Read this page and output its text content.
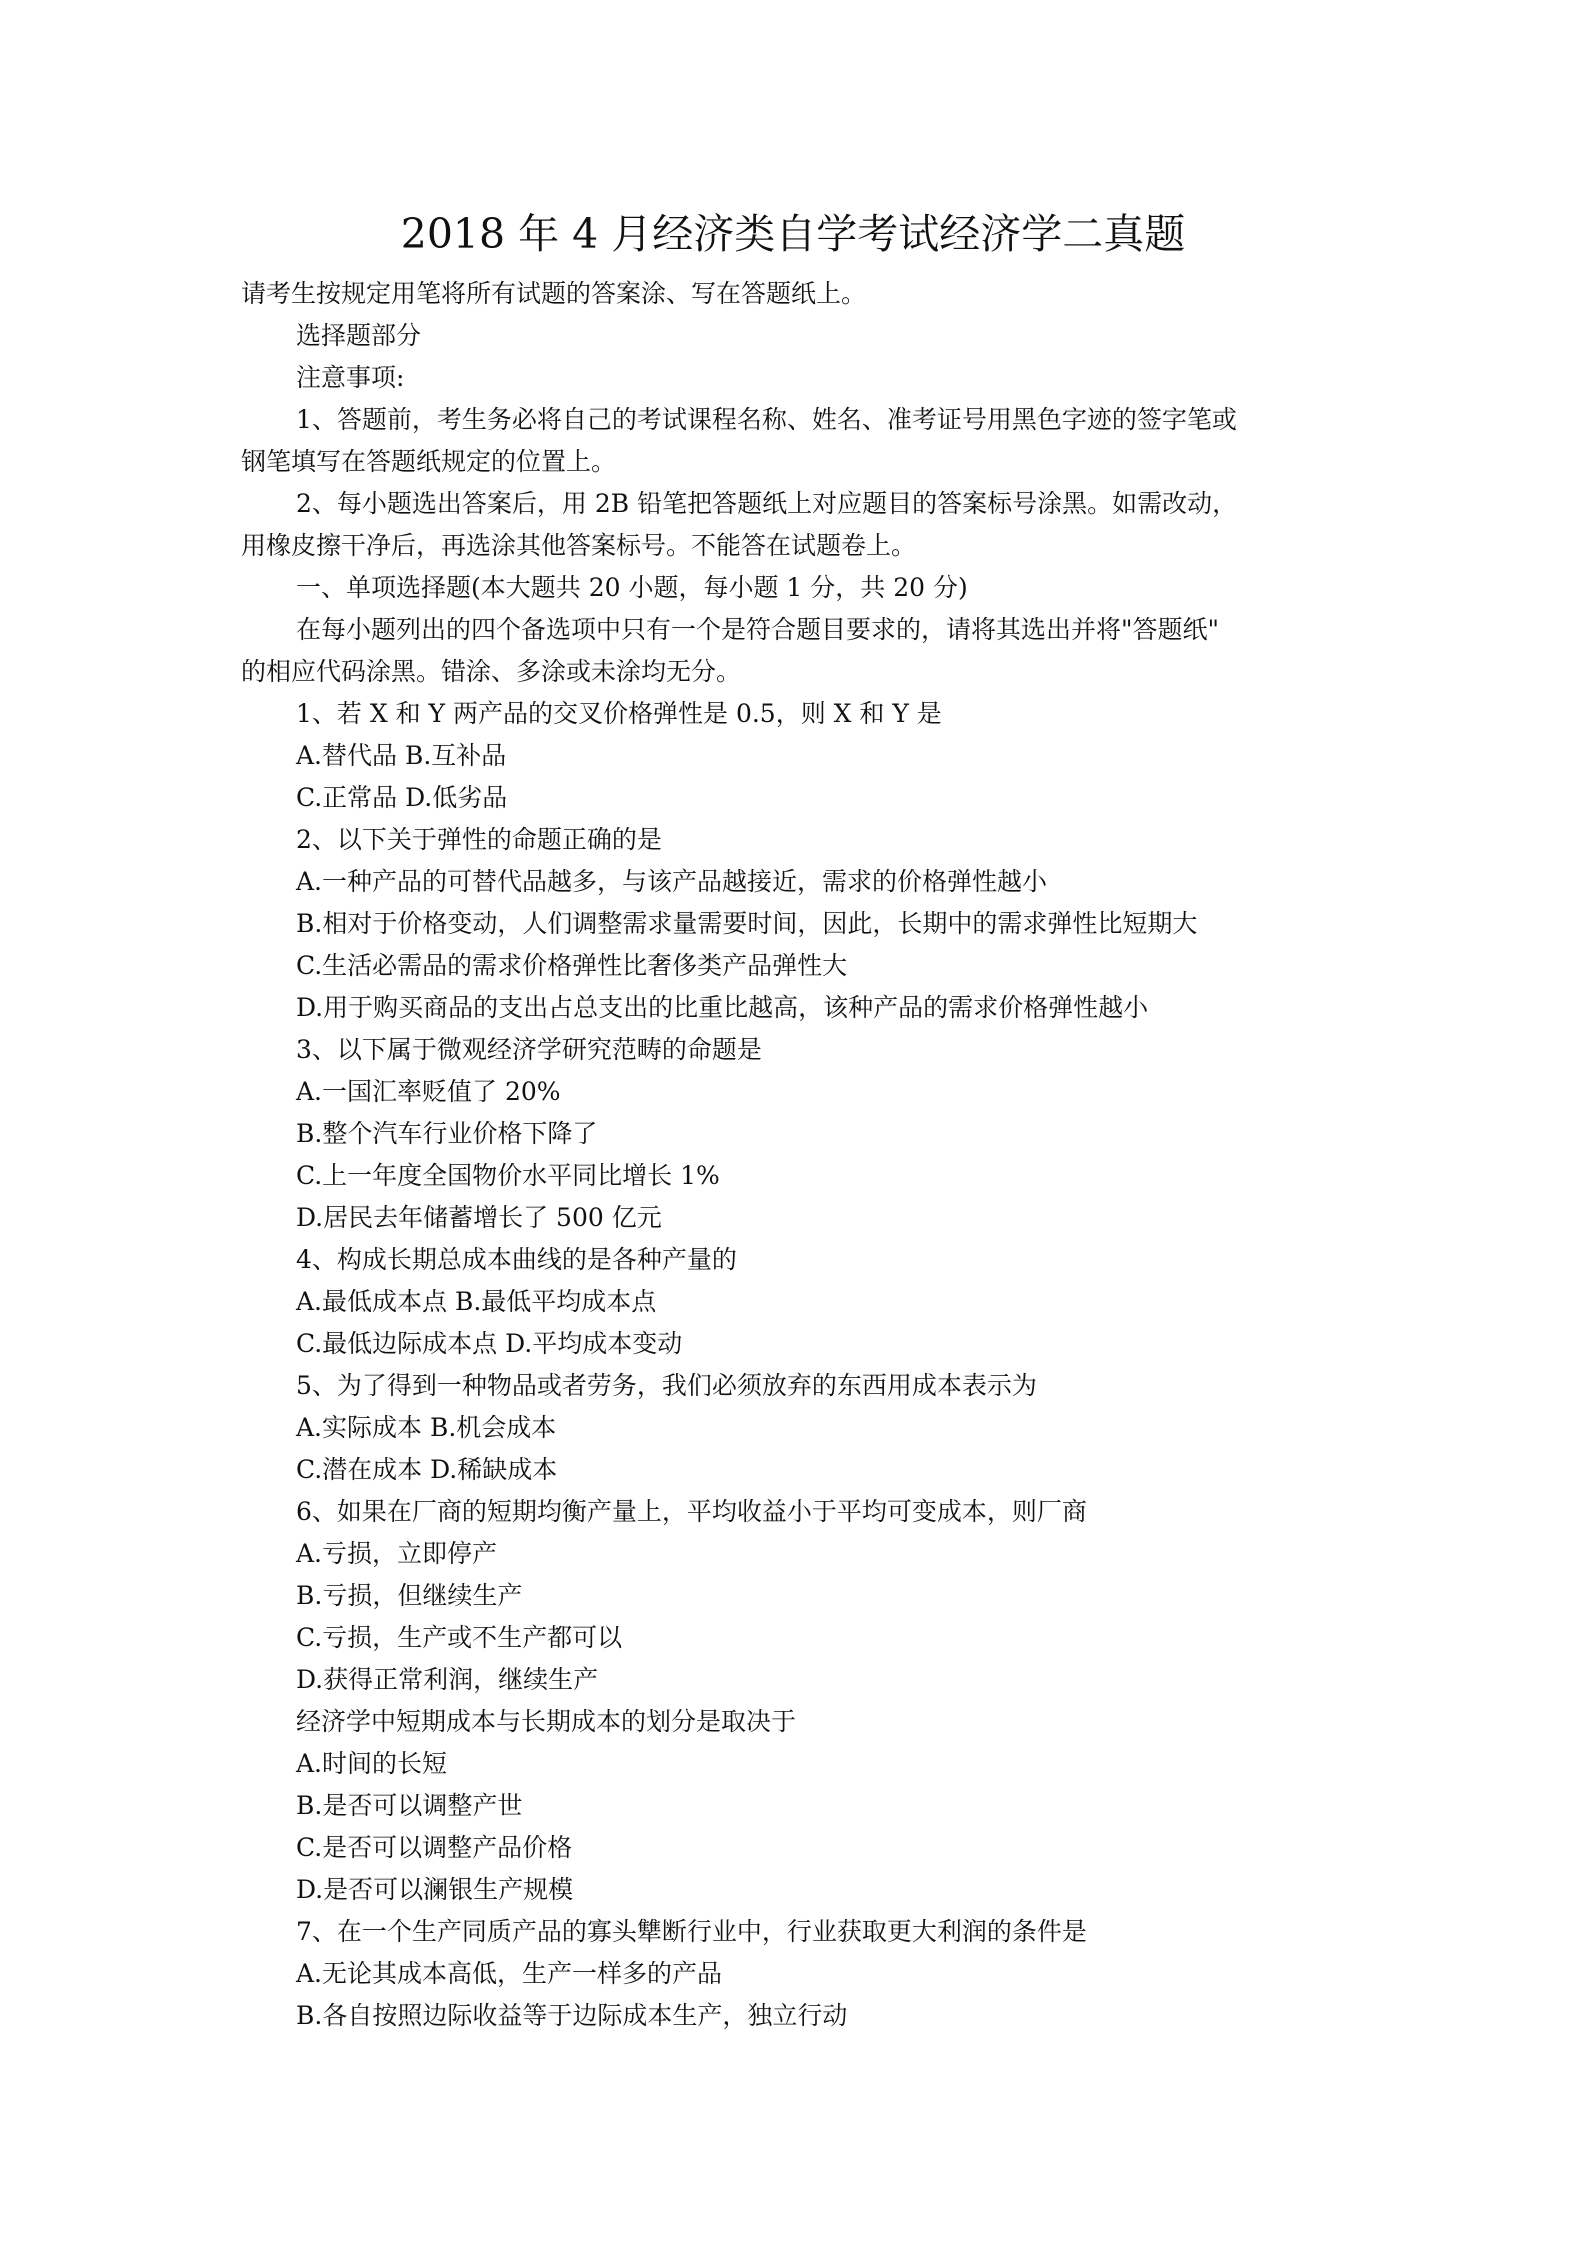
2018 年 4 月经济类自学考试经济学二真题
请考生按规定用笔将所有试题的答案涂、写在答题纸上。
选择题部分
注意事项:
1、答题前，考生务必将自己的考试课程名称、姓名、准考证号用黑色字迹的签字笔或
钢笔填写在答题纸规定的位置上。
2、每小题选出答案后，用 2B 铅笔把答题纸上对应题目的答案标号涂黑。如需改动，
用橡皮擦干净后，再选涂其他答案标号。不能答在试题卷上。
一、单项选择题(本大题共 20 小题，每小题 1 分，共 20 分)
在每小题列出的四个备选项中只有一个是符合题目要求的，请将其选出并将"答题纸"
的相应代码涂黑。错涂、多涂或未涂均无分。
1、若 X 和 Y 两产品的交叉价格弹性是 0.5，则 X 和 Y 是
A.替代品 B.互补品
C.正常品 D.低劣品
2、以下关于弹性的命题正确的是
A.一种产品的可替代品越多，与该产品越接近，需求的价格弹性越小
B.相对于价格变动，人们调整需求量需要时间，因此，长期中的需求弹性比短期大
C.生活必需品的需求价格弹性比奢侈类产品弹性大
D.用于购买商品的支出占总支出的比重比越高，该种产品的需求价格弹性越小
3、以下属于微观经济学研究范畴的命题是
A.一国汇率贬值了 20%
B.整个汽车行业价格下降了
C.上一年度全国物价水平同比增长 1%
D.居民去年储蓄增长了 500 亿元
4、构成长期总成本曲线的是各种产量的
A.最低成本点 B.最低平均成本点
C.最低边际成本点 D.平均成本变动
5、为了得到一种物品或者劳务，我们必须放弃的东西用成本表示为
A.实际成本 B.机会成本
C.潜在成本 D.稀缺成本
6、如果在厂商的短期均衡产量上，平均收益小于平均可变成本，则厂商
A.亏损，立即停产
B.亏损，但继续生产
C.亏损，生产或不生产都可以
D.获得正常利润，继续生产
经济学中短期成本与长期成本的划分是取决于
A.时间的长短
B.是否可以调整产世
C.是否可以调整产品价格
D.是否可以澜银生产规模
7、在一个生产同质产品的寡头犨断行业中，行业获取更大利润的条件是
A.无论其成本高低，生产一样多的产品
B.各自按照边际收益等于边际成本生产，独立行动
